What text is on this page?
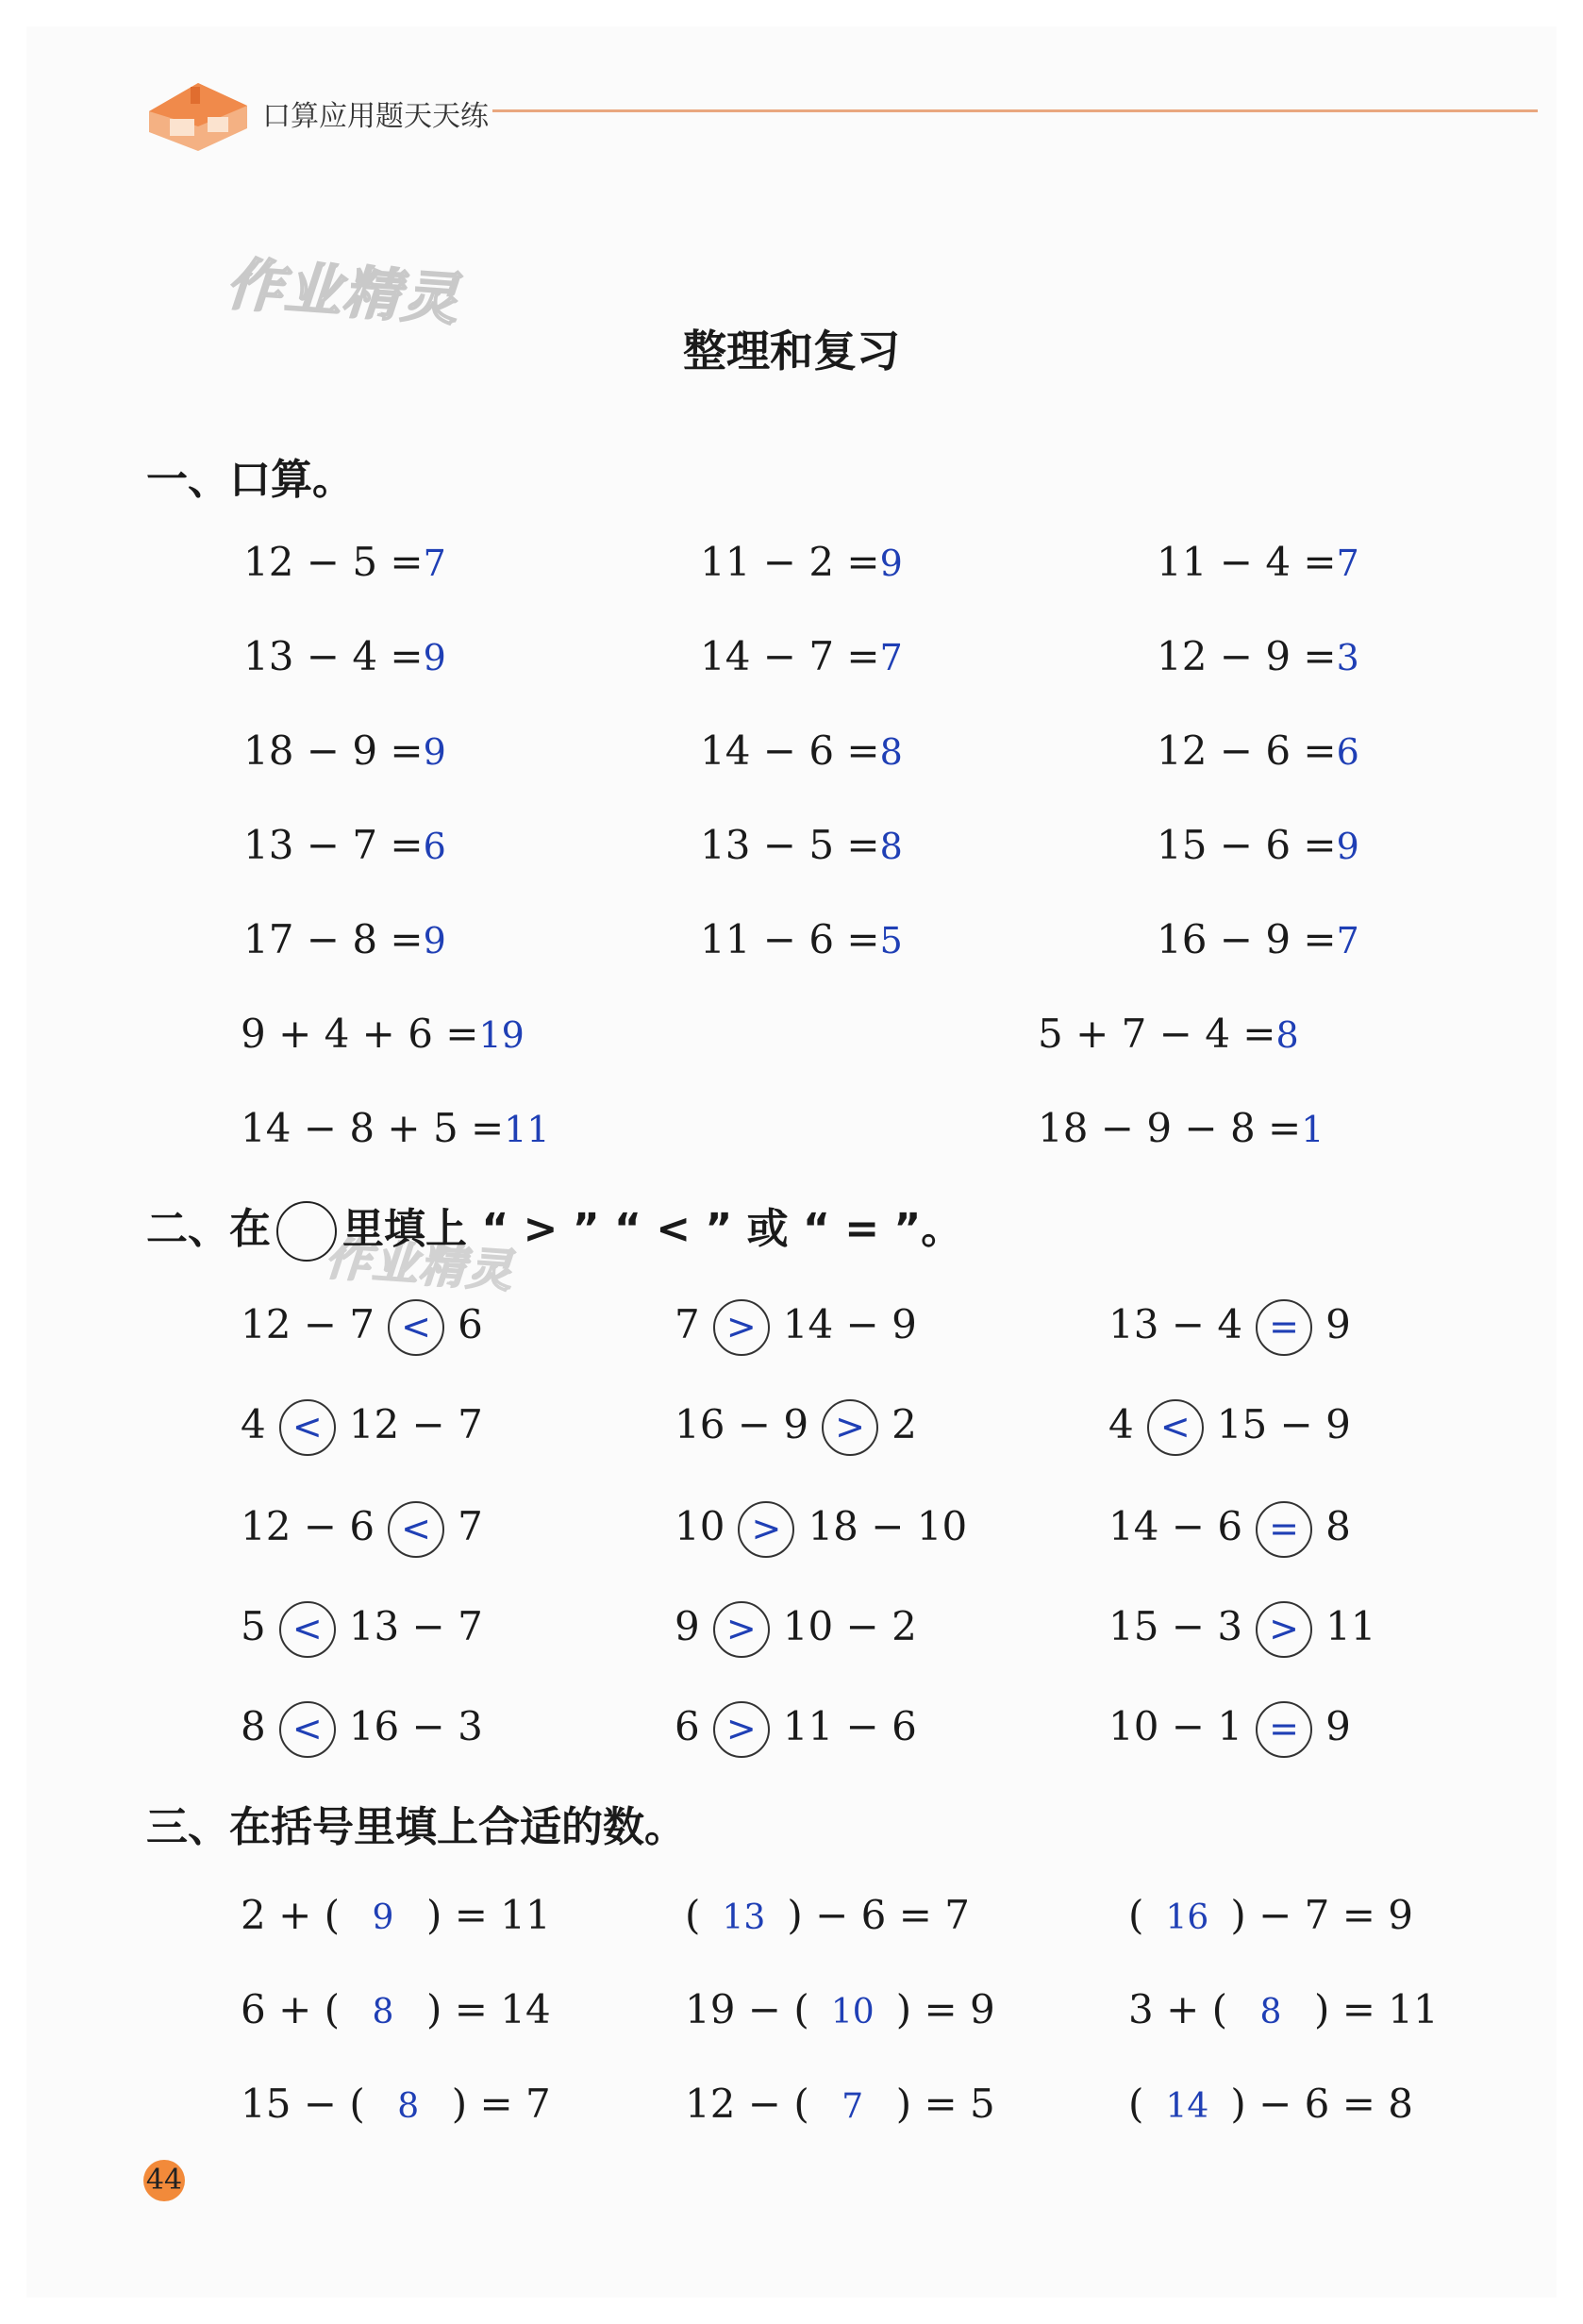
口算应用题天天练
作业精灵
作业精灵
整理和复习
一、口算。
12 − 5 =7	11 − 2 =9	11 − 4 =7
13 − 4 =9	14 − 7 =7	12 − 9 =3
18 − 9 =9	14 − 6 =8	12 − 6 =6
13 − 7 =6	13 − 5 =8	15 − 6 =9
17 − 8 =9	11 − 6 =5	16 − 9 =7
9 + 4 + 6 =19	5 + 7 − 4 =8
14 − 8 + 5 =11	18 − 9 − 8 =1
二、在 里填上 “ > ” “ < ” 或 “ = ”。
12 − 7 < 6	7 > 14 − 9	13 − 4 = 9
4 < 12 − 7	16 − 9 > 2	4 < 15 − 9
12 − 6 < 7	10 > 18 − 10	14 − 6 = 8
5 < 13 − 7	9 > 10 − 2	15 − 3 > 11
8 < 16 − 3	6 > 11 − 6	10 − 1 = 9
三、在括号里填上合适的数。
2 + ( 9 ) = 11	( 13 ) − 6 = 7	( 16 ) − 7 = 9
6 + ( 8 ) = 14	19 − ( 10 ) = 9	3 + ( 8 ) = 11
15 − ( 8 ) = 7	12 − ( 7 ) = 5	( 14 ) − 6 = 8
44
